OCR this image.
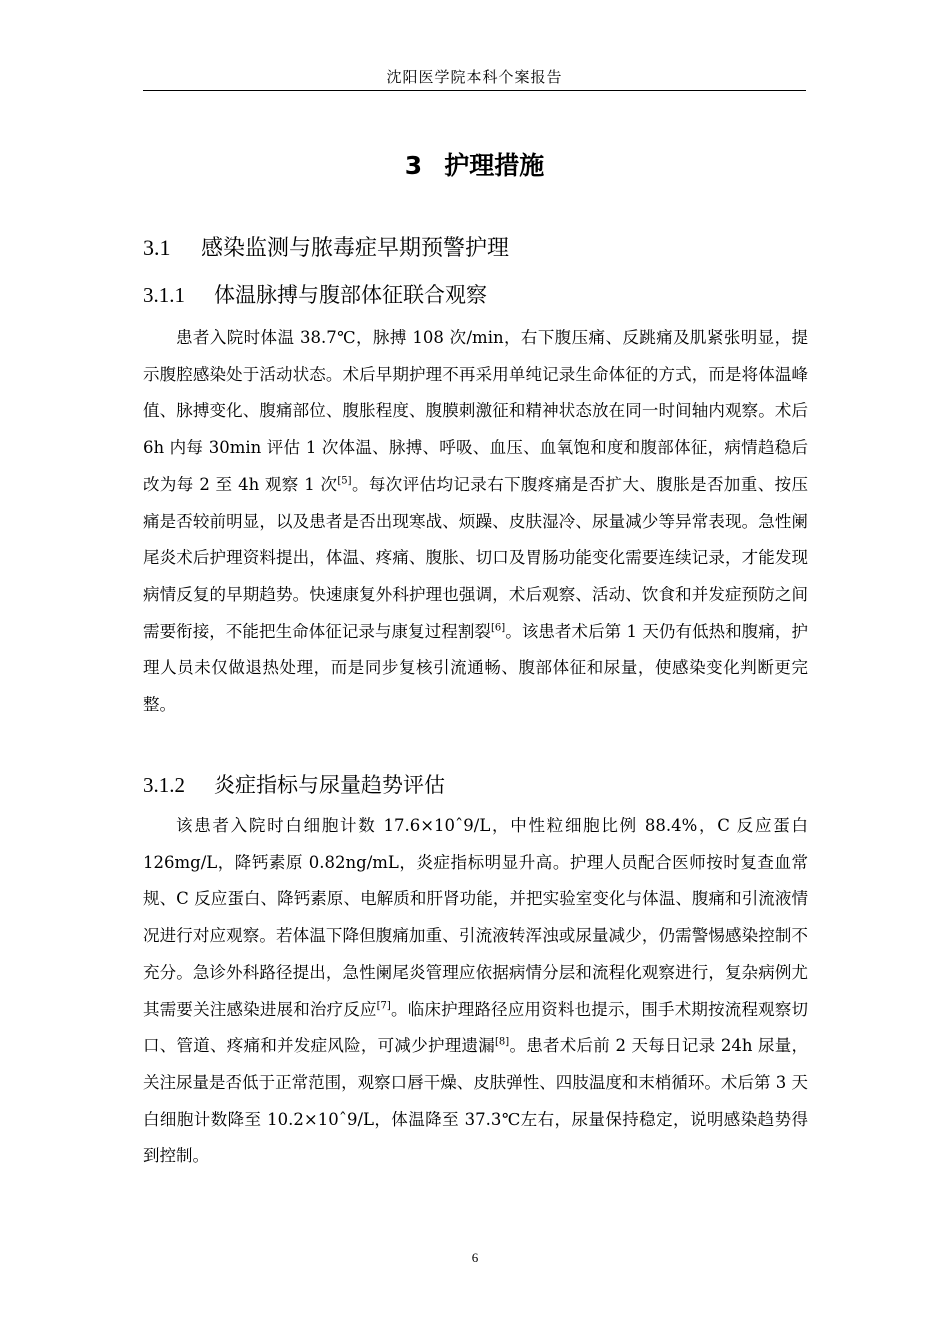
沈阳医学院本科个案报告
3 护理措施
3.1 感染监测与脓毒症早期预警护理
3.1.1 体温脉搏与腹部体征联合观察

患者入院时体温 38.7℃，脉搏 108 次/min，右下腹压痛、反跳痛及肌紧张明显，提示腹腔感染处于活动状态。术后早期护理不再采用单纯记录生命体征的方式，而是将体温峰值、脉搏变化、腹痛部位、腹胀程度、腹膜刺激征和精神状态放在同一时间轴内观察。术后 6h 内每 30min 评估 1 次体温、脉搏、呼吸、血压、血氧饱和度和腹部体征，病情趋稳后改为每 2 至 4h 观察 1 次[5]。每次评估均记录右下腹疼痛是否扩大、腹胀是否加重、按压痛是否较前明显，以及患者是否出现寒战、烦躁、皮肤湿冷、尿量减少等异常表现。急性阑尾炎术后护理资料提出，体温、疼痛、腹胀、切口及胃肠功能变化需要连续记录，才能发现病情反复的早期趋势。快速康复外科护理也强调，术后观察、活动、饮食和并发症预防之间需要衔接，不能把生命体征记录与康复过程割裂[6]。该患者术后第 1 天仍有低热和腹痛，护理人员未仅做退热处理，而是同步复核引流通畅、腹部体征和尿量，使感染变化判断更完整。

3.1.2 炎症指标与尿量趋势评估

该患者入院时白细胞计数 17.6×10ˆ9/L，中性粒细胞比例 88.4%，C 反应蛋白 126mg/L，降钙素原 0.82ng/mL，炎症指标明显升高。护理人员配合医师按时复查血常规、C 反应蛋白、降钙素原、电解质和肝肾功能，并把实验室变化与体温、腹痛和引流液情况进行对应观察。若体温下降但腹痛加重、引流液转浑浊或尿量减少，仍需警惕感染控制不充分。急诊外科路径提出，急性阑尾炎管理应依据病情分层和流程化观察进行，复杂病例尤其需要关注感染进展和治疗反应[7]。临床护理路径应用资料也提示，围手术期按流程观察切口、管道、疼痛和并发症风险，可减少护理遗漏[8]。患者术后前 2 天每日记录 24h 尿量，关注尿量是否低于正常范围，观察口唇干燥、皮肤弹性、四肢温度和末梢循环。术后第 3 天白细胞计数降至 10.2×10ˆ9/L，体温降至 37.3℃左右，尿量保持稳定，说明感染趋势得到控制。

6
